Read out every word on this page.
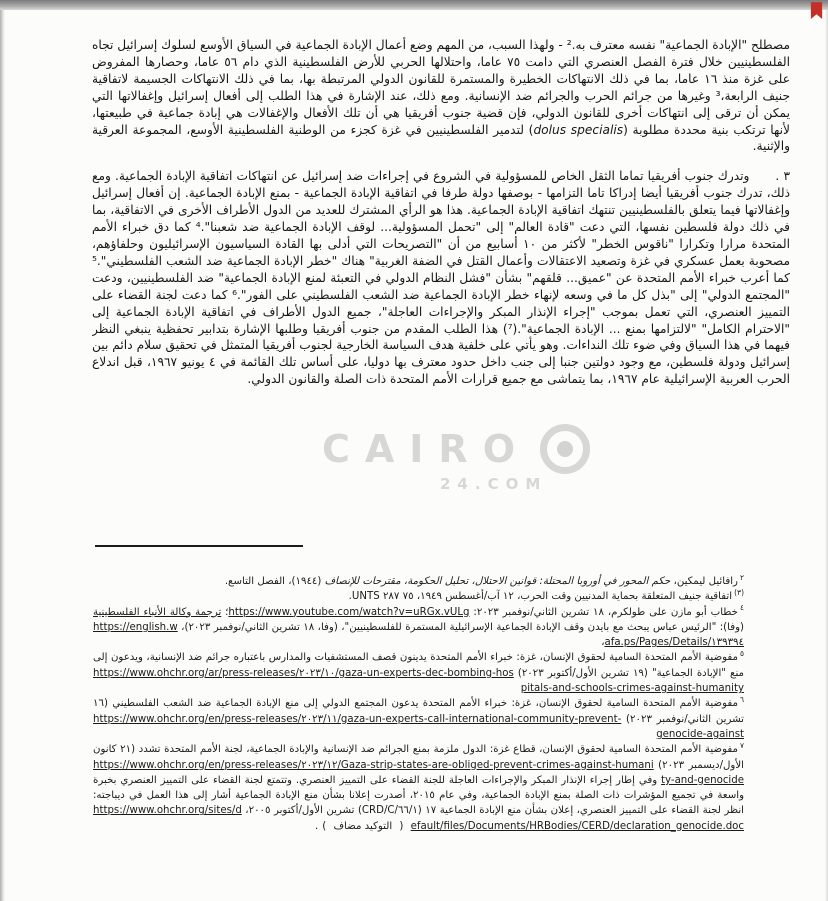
مصطلح "الإبادة الجماعية" نفسه معترف به.² - ولهذا السبب، من المهم وضع أعمال الإبادة الجماعية في السياق الأوسع لسلوك إسرائيل تجاه الفلسطينيين خلال فترة الفصل العنصري التي دامت ٧٥ عاما، واحتلالها الحربي للأرض الفلسطينية الذي دام ٥٦ عاما، وحصارها المفروض على غزة منذ ١٦ عاما، بما في ذلك الانتهاكات الخطيرة والمستمرة للقانون الدولي المرتبطة بها، بما في ذلك الانتهاكات الجسيمة لاتفاقية جنيف الرابعة،³ وغيرها من جرائم الحرب والجرائم ضد الإنسانية. ومع ذلك، عند الإشارة في هذا الطلب إلى أفعال إسرائيل وإغفالاتها التي يمكن أن ترقى إلى انتهاكات أخرى للقانون الدولي، فإن قضية جنوب أفريقيا هي أن تلك الأفعال والإغفالات هي إبادة جماعية في طبيعتها، لأنها ترتكب بنية محددة مطلوبة (dolus specialis) لتدمير الفلسطينيين في غزة كجزء من الوطنية الفلسطينية الأوسع، المجموعة العرقية والإثنية.

٣ .وتدرك جنوب أفريقيا تماما الثقل الخاص للمسؤولية في الشروع في إجراءات ضد إسرائيل عن انتهاكات اتفاقية الإبادة الجماعية. ومع ذلك، تدرك جنوب أفريقيا أيضا إدراكا تاما التزامها - بوصفها دولة طرفا في اتفاقية الإبادة الجماعية - بمنع الإبادة الجماعية. إن أفعال إسرائيل وإغفالاتها فيما يتعلق بالفلسطينيين تنتهك اتفاقية الإبادة الجماعية. هذا هو الرأي المشترك للعديد من الدول الأطراف الأخرى في الاتفاقية، بما في ذلك دولة فلسطين نفسها، التي دعت "قادة العالم" إلى "تحمل المسؤولية... لوقف الإبادة الجماعية ضد شعبنا".⁴ كما دق خبراء الأمم المتحدة مرارا وتكرارا "ناقوس الخطر" لأكثر من ١٠ أسابيع من أن "التصريحات التي أدلى بها القادة السياسيون الإسرائيليون وحلفاؤهم، مصحوبة بعمل عسكري في غزة وتصعيد الاعتقالات وأعمال القتل في الضفة الغربية" هناك "خطر الإبادة الجماعية ضد الشعب الفلسطيني".⁵ كما أعرب خبراء الأمم المتحدة عن "عميق... قلقهم" بشأن "فشل النظام الدولي في التعبئة لمنع الإبادة الجماعية" ضد الفلسطينيين، ودعت "المجتمع الدولي" إلى "بذل كل ما في وسعه لإنهاء خطر الإبادة الجماعية ضد الشعب الفلسطيني على الفور".⁶ كما دعت لجنة القضاء على التمييز العنصري، التي تعمل بموجب "إجراء الإنذار المبكر والإجراءات العاجلة"، جميع الدول الأطراف في اتفاقية الإبادة الجماعية إلى "الاحترام الكامل" "لالتزامها بمنع ... الإبادة الجماعية".(⁷) هذا الطلب المقدم من جنوب أفريقيا وطلبها الإشارة بتدابير تحفظية ينبغي النظر فيهما في هذا السياق وفي ضوء تلك النداءات. وهو يأتي على خلفية هدف السياسة الخارجية لجنوب أفريقيا المتمثل في تحقيق سلام دائم بين إسرائيل ودولة فلسطين، مع وجود دولتين جنبا إلى جنب داخل حدود معترف بها دوليا، على أساس تلك القائمة في ٤ يونيو ١٩٦٧، قبل اندلاع الحرب العربية الإسرائيلية عام ١٩٦٧، بما يتماشى مع جميع قرارات الأمم المتحدة ذات الصلة والقانون الدولي.

$^٢$رافائيل ليمكين، حكم المحور في أوروبا المحتلة: قوانين الاحتلال، تحليل الحكومة، مقترحات للإنصاف (١٩٤٤)، الفصل التاسع.
$^{(٣)}$اتفاقية جنيف المتعلقة بحماية المدنيين وقت الحرب، ١٢ آب/أغسطس ١٩٤٩، ٧٥ ٢٨٧ UNTS.
$^٤$خطاب أبو مازن على طولكرم، ١٨ تشرين الثاني/نوفمبر ٢٠٢٣: https://www.youtube.com/watch?v=uRGx.vULg؛ ترجمة وكالة الأنباء الفلسطينية (وفا): "الرئيس عباس يبحث مع بايدن وقف الإبادة الجماعية الإسرائيلية المستمرة للفلسطينيين"، (وفا، ١٨ تشرين الثاني/نوفمبر ٢٠٢٣)، https://english.wafa.ps/Pages/Details/١٣٩٣٩٤،
$^٥$مفوضية الأمم المتحدة السامية لحقوق الإنسان، غزة: خبراء الأمم المتحدة يدينون قصف المستشفيات والمدارس باعتباره جرائم ضد الإنسانية، ويدعون إلى منع "الإبادة الجماعية" (١٩ تشرين الأول/أكتوبر ٢٠٢٣) https://www.ohchr.org/ar/press-releases/٢٠٢٣/١٠/gaza-un-experts-dec-bombing-hospitals-and-schools-crimes-against-humanity
$^٦$مفوضية الأمم المتحدة السامية لحقوق الإنسان، غزة: خبراء الأمم المتحدة يدعون المجتمع الدولي إلى منع الإبادة الجماعية ضد الشعب الفلسطيني (١٦ تشرين الثاني/نوفمبر ٢٠٢٣) https://www.ohchr.org/en/press-releases/٢٠٢٣/١١/gaza-un-experts-call-international-community-prevent-genocide-against
$^٧$مفوضية الأمم المتحدة السامية لحقوق الإنسان، قطاع غزة: الدول ملزمة بمنع الجرائم ضد الإنسانية والإبادة الجماعية، لجنة الأمم المتحدة تشدد (٢١ كانون الأول/ديسمبر ٢٠٢٣) https://www.ohchr.org/en/press-releases/٢٠٢٣/١٢/Gaza-strip-states-are-obliged-prevent-crimes-against-humanity-and-genocide وفي إطار إجراء الإنذار المبكر والإجراءات العاجلة للجنة القضاء على التمييز العنصري. وتتمتع لجنة القضاء على التمييز العنصري بخبرة واسعة في تجميع المؤشرات ذات الصلة بمنع الإبادة الجماعية، وفي عام ٢٠١٥، أصدرت إعلانا بشأن منع الإبادة الجماعية أشار إلى هذا العمل في ديباجته: انظر لجنة القضاء على التمييز العنصري، إعلان بشأن منع الإبادة الجماعية ١٧ (CRD/C/٦٦/١) تشرين الأول/أكتوبر ٢٠٠٥، https://www.ohchr.org/sites/default/files/Documents/HRBodies/CERD/declaration_genocide.doc ( التوكيد مضاف ).
CAIRO
24.COM
